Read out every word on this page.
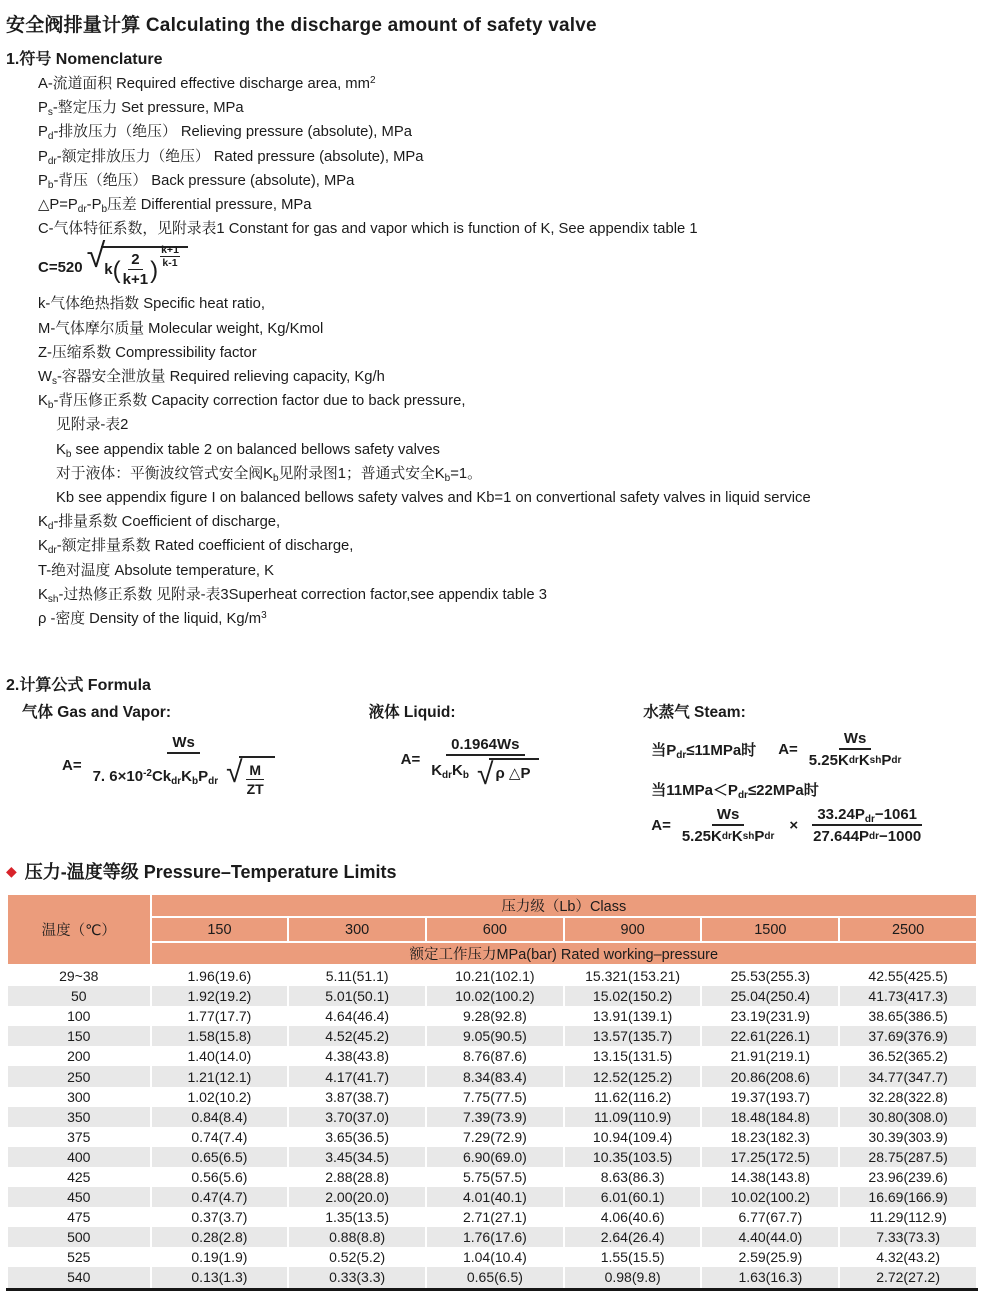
安全阀排量计算 Calculating the discharge amount of safety valve
1.符号 Nomenclature
A-流道面积 Required effective discharge area, $mm^2$
$P_s-$整定压力 Set pressure, MPa
$P_d-$排放压力（绝压） Relieving pressure (absolute), MPa
$P_{dr}-$额定排放压力（绝压） Rated pressure (absolute), MPa
$P_b-$背压（绝压） Back pressure (absolute), MPa
$\triangle P=P_{dr}-P_b$压差 Differential pressure, MPa
C-气体特征系数，见附录表1 Constant for gas and vapor which is function of K, See appendix table 1
C=520 √ k ( $\frac{2}{k+1}$ ) $\frac{k+1}{k-1}$
k-气体绝热指数 Specific heat ratio,
M-气体摩尔质量 Molecular weight, Kg/Kmol
Z-压缩系数 Compressibility factor
$W_s-$容器安全泄放量 Required relieving capacity, Kg/h
$K_b-$背压修正系数 Capacity correction factor due to back pressure,
见附录-表2
$K_b$ see appendix table 2 on balanced bellows safety valves
对于液体：平衡波纹管式安全阀$K_b$见附录图1；普通式安全$K_b=1$。
Kb see appendix figure I on balanced bellows safety valves and Kb=1 on convertional safety valves in liquid service
$K_d-$排量系数 Coefficient of discharge,
$K_{dr}-$额定排量系数 Rated coefficient of discharge,
T-绝对温度 Absolute temperature, K
$K_{sh}-$过热修正系数 见附录-表3Superheat correction factor,see appendix table 3
ρ -密度 Density of the liquid, $Kg/m^3$
2.计算公式 Formula
气体 Gas and Vapor:
A=
Ws
7. $6\times 10^{-2}Ck_{dr}K_bP_{dr}$ √ $\frac{M}{ZT}$
液体 Liquid:
A=
0.1964Ws
$K_{dr}K_b$ √ ρ △P
水蒸气 Steam:
当$P_{dr}\le 11MPa$时 A=
Ws
5.25K dr K sh P dr
当$11MPa<P_{dr}\le 22MPa$时
A=
Ws
5.25K dr K sh P dr
×
$33.24P_{dr}-1061$
27.644P dr −1000
◆ 压力-温度等级 Pressure–Temperature Limits
温度（℃）	压力级（Lb）Class					
	150	300	600	900	1500	2500
	额定工作压力MPa(bar) Rated working–pressure					
29~38	1.96(19.6)	5.11(51.1)	10.21(102.1)	15.321(153.21)	25.53(255.3)	42.55(425.5)
50	1.92(19.2)	5.01(50.1)	10.02(100.2)	15.02(150.2)	25.04(250.4)	41.73(417.3)
100	1.77(17.7)	4.64(46.4)	9.28(92.8)	13.91(139.1)	23.19(231.9)	38.65(386.5)
150	1.58(15.8)	4.52(45.2)	9.05(90.5)	13.57(135.7)	22.61(226.1)	37.69(376.9)
200	1.40(14.0)	4.38(43.8)	8.76(87.6)	13.15(131.5)	21.91(219.1)	36.52(365.2)
250	1.21(12.1)	4.17(41.7)	8.34(83.4)	12.52(125.2)	20.86(208.6)	34.77(347.7)
300	1.02(10.2)	3.87(38.7)	7.75(77.5)	11.62(116.2)	19.37(193.7)	32.28(322.8)
350	0.84(8.4)	3.70(37.0)	7.39(73.9)	11.09(110.9)	18.48(184.8)	30.80(308.0)
375	0.74(7.4)	3.65(36.5)	7.29(72.9)	10.94(109.4)	18.23(182.3)	30.39(303.9)
400	0.65(6.5)	3.45(34.5)	6.90(69.0)	10.35(103.5)	17.25(172.5)	28.75(287.5)
425	0.56(5.6)	2.88(28.8)	5.75(57.5)	8.63(86.3)	14.38(143.8)	23.96(239.6)
450	0.47(4.7)	2.00(20.0)	4.01(40.1)	6.01(60.1)	10.02(100.2)	16.69(166.9)
475	0.37(3.7)	1.35(13.5)	2.71(27.1)	4.06(40.6)	6.77(67.7)	11.29(112.9)
500	0.28(2.8)	0.88(8.8)	1.76(17.6)	2.64(26.4)	4.40(44.0)	7.33(73.3)
525	0.19(1.9)	0.52(5.2)	1.04(10.4)	1.55(15.5)	2.59(25.9)	4.32(43.2)
540	0.13(1.3)	0.33(3.3)	0.65(6.5)	0.98(9.8)	1.63(16.3)	2.72(27.2)
